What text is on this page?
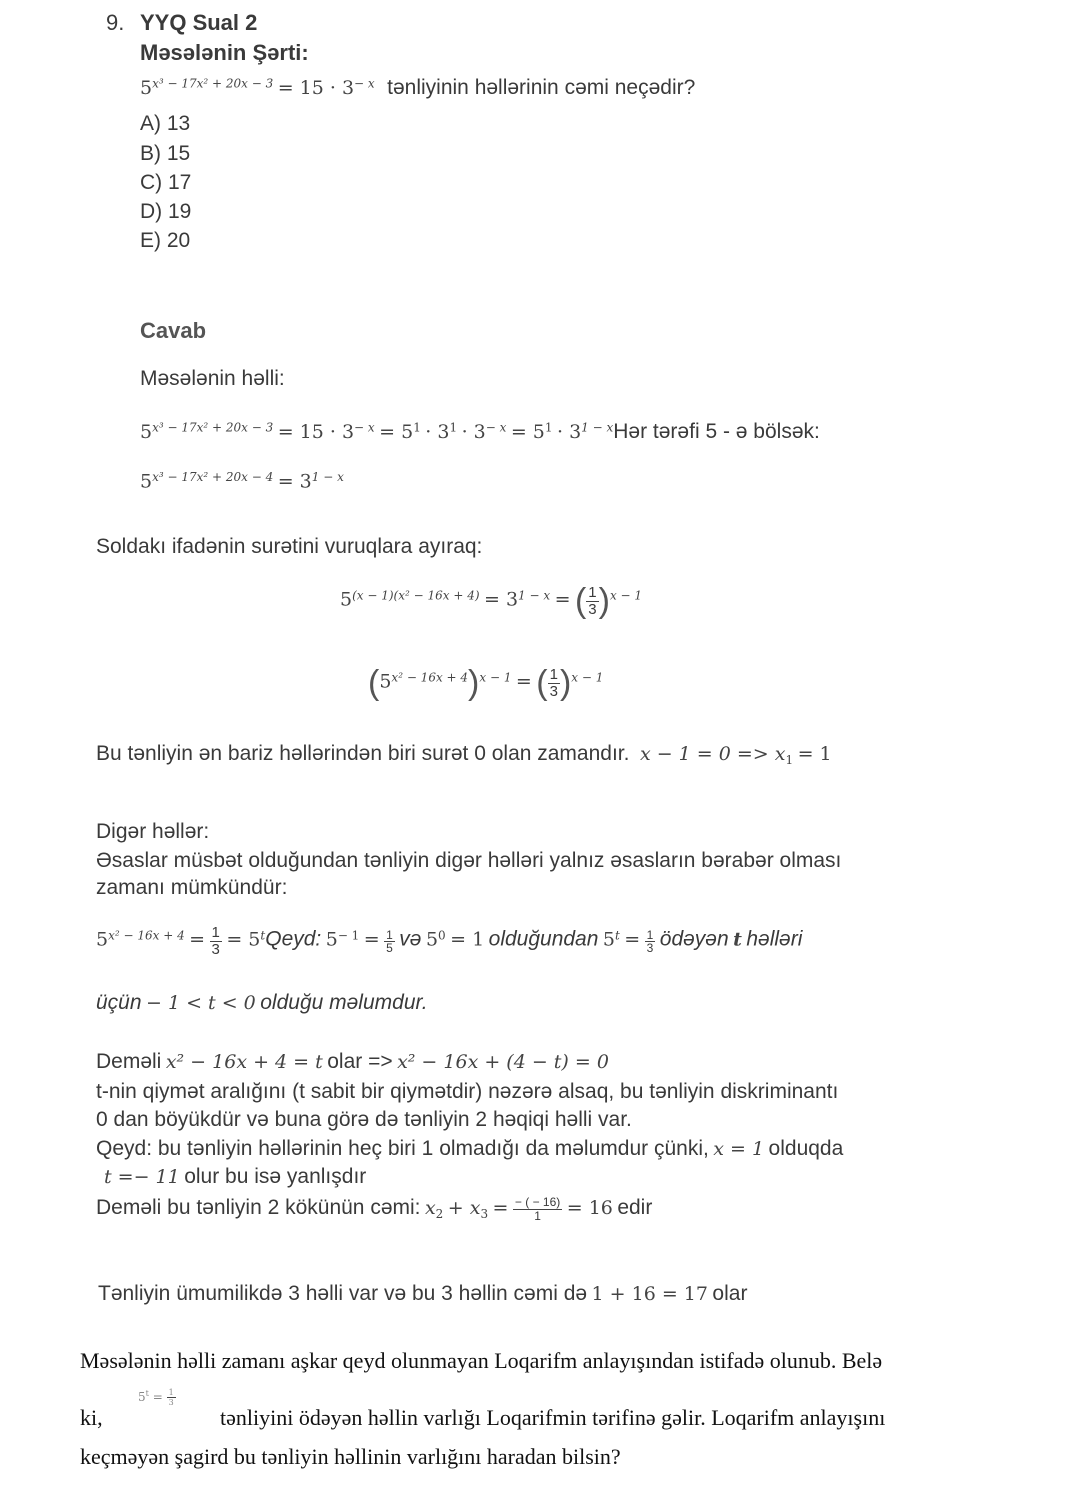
9. YYQ Sual 2
Məsələnin Şərti:
$5^{x^3 - 17x^2 + 20x - 3} = 15 \cdot 3^{- x}$ tənliyinin həllərinin cəmi neçədir?
A) 13
B) 15
C) 17
D) 19
E) 20
Cavab
Məsələnin həlli:
$5^{x^3 - 17x^2 + 20x - 3} = 15 \cdot 3^{- x} = 5^1 \cdot 3^1 \cdot 3^{- x} = 5^1$ · $3^{1 - x}Hər$ tərəfi 5 - ə bölsək:
$5^{x^3 - 17x^2 + 20x - 4} = 3^{1 - x}$
Soldakı ifadənin surətini vuruqlara ayıraq:
$5^{(x - 1)(x^2 - 16x + 4)} = 3^{1 - x}$ = ( $\frac{1}{3} )^{x - 1}$
$(5^{x^2 - 16x + 4})^{x - 1}$ = ( $\frac{1}{3} )^{x - 1}$
Bu tənliyin ən bariz həllərindən biri surət 0 olan zamandır. $x - 1 = 0 => x_1 = 1$
Digər həllər:
Əsaslar müsbət olduğundan tənliyin digər həlləri yalnız əsasların bərabər olması
zamanı mümkündür:
$5^{x^2 - 16x + 4} = \frac{1}{3}$ = $5^tQeyd$: $5^{- 1} = \frac{1}{5}$ və $5^0 = 1$ olduğundan $5^t = \frac{1}{3}$ ödəyən t həlləri
üçün − 1 < t < 0 olduğu məlumdur.
Deməli x² − 16x + 4 = t olar => x² − 16x + (4 − t) = 0
t-nin qiymət aralığını (t sabit bir qiymətdir) nəzərə alsaq, bu tənliyin diskriminantı
0 dan böyükdür və buna görə də tənliyin 2 həqiqi həlli var.
Qeyd: bu tənliyin həllərinin heç biri 1 olmadığı da məlumdur çünki, x = 1 olduqda
t =− 11 olur bu isə yanlışdır
Deməli bu tənliyin 2 kökünün cəmi: $x_2 + x_3 = \frac{- ( - 16)}{1} = 16$ edir
Tənliyin ümumilikdə 3 həlli var və bu 3 həllin cəmi də 1 + 16 = 17 olar
Məsələnin həlli zamanı aşkar qeyd olunmayan Loqarifm anlayışından istifadə olunub. Belə
ki,
$5^t = \frac{1}{3}$
tənliyini ödəyən həllin varlığı Loqarifmin tərifinə gəlir. Loqarifm anlayışını
keçməyən şagird bu tənliyin həllinin varlığını haradan bilsin?
